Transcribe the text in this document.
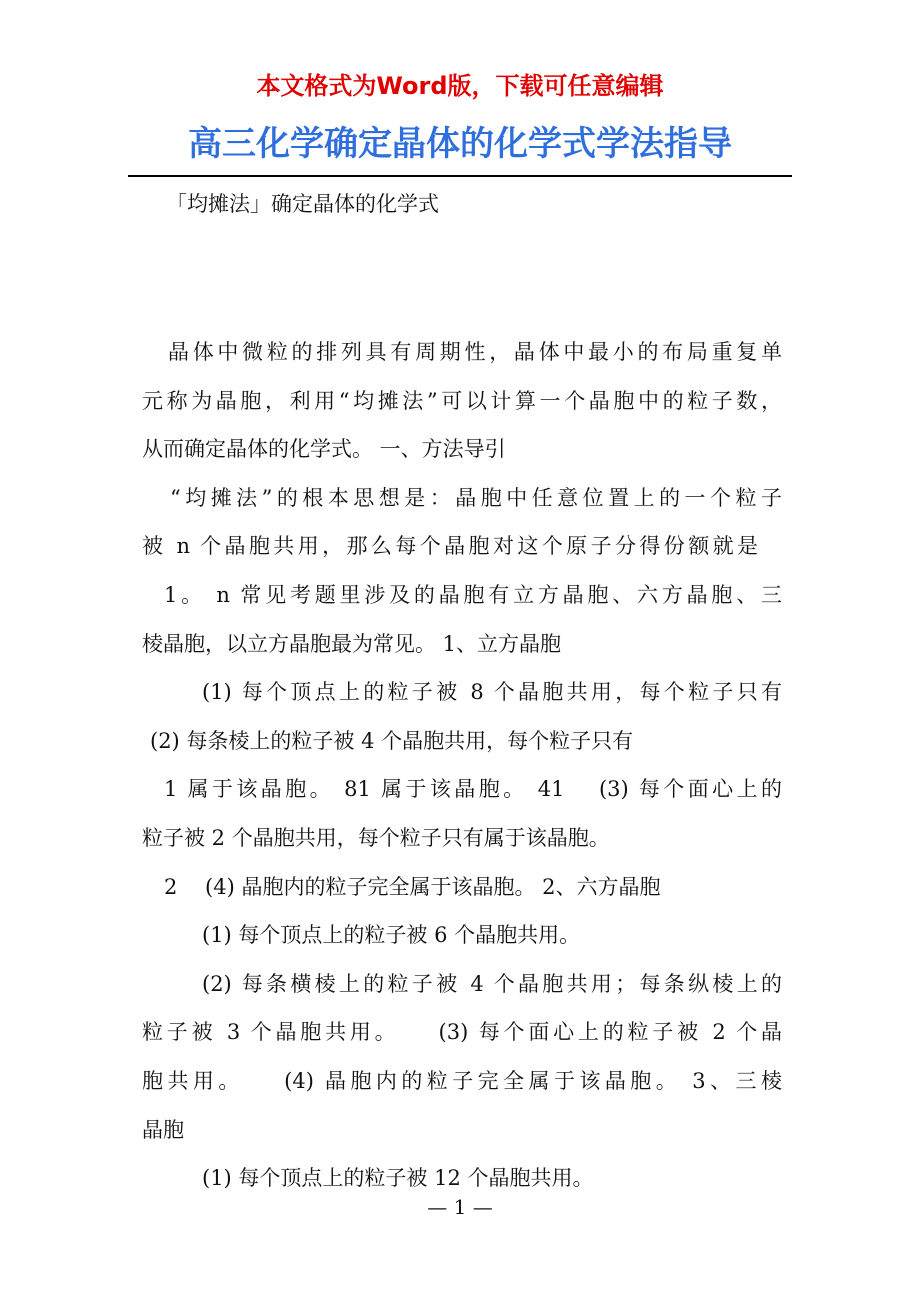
本文格式为Word版，下载可任意编辑
高三化学确定晶体的化学式学法指导
「均摊法」确定晶体的化学式
晶体中微粒的排列具有周期性，晶体中最小的布局重复单
元称为晶胞，利用“均摊法”可以计算一个晶胞中的粒子数，
从而确定晶体的化学式。 一、方法导引
“均摊法”的根本思想是：晶胞中任意位置上的一个粒子
被 n 个晶胞共用，那么每个晶胞对这个原子分得份额就是
1。 n 常见考题里涉及的晶胞有立方晶胞、六方晶胞、三
棱晶胞，以立方晶胞最为常见。 1、立方晶胞
(1) 每个顶点上的粒子被 8 个晶胞共用，每个粒子只有
(2) 每条棱上的粒子被 4 个晶胞共用，每个粒子只有
1 属于该晶胞。 81 属于该晶胞。 41 　(3) 每个面心上的
粒子被 2 个晶胞共用，每个粒子只有属于该晶胞。
2 　(4) 晶胞内的粒子完全属于该晶胞。 2、六方晶胞
(1) 每个顶点上的粒子被 6 个晶胞共用。
(2) 每条横棱上的粒子被 4 个晶胞共用；每条纵棱上的
粒子被 3 个晶胞共用。　　(3) 每个面心上的粒子被 2 个晶
胞共用。　　(4) 晶胞内的粒子完全属于该晶胞。 3、三棱
晶胞
(1) 每个顶点上的粒子被 12 个晶胞共用。
— 1 —
